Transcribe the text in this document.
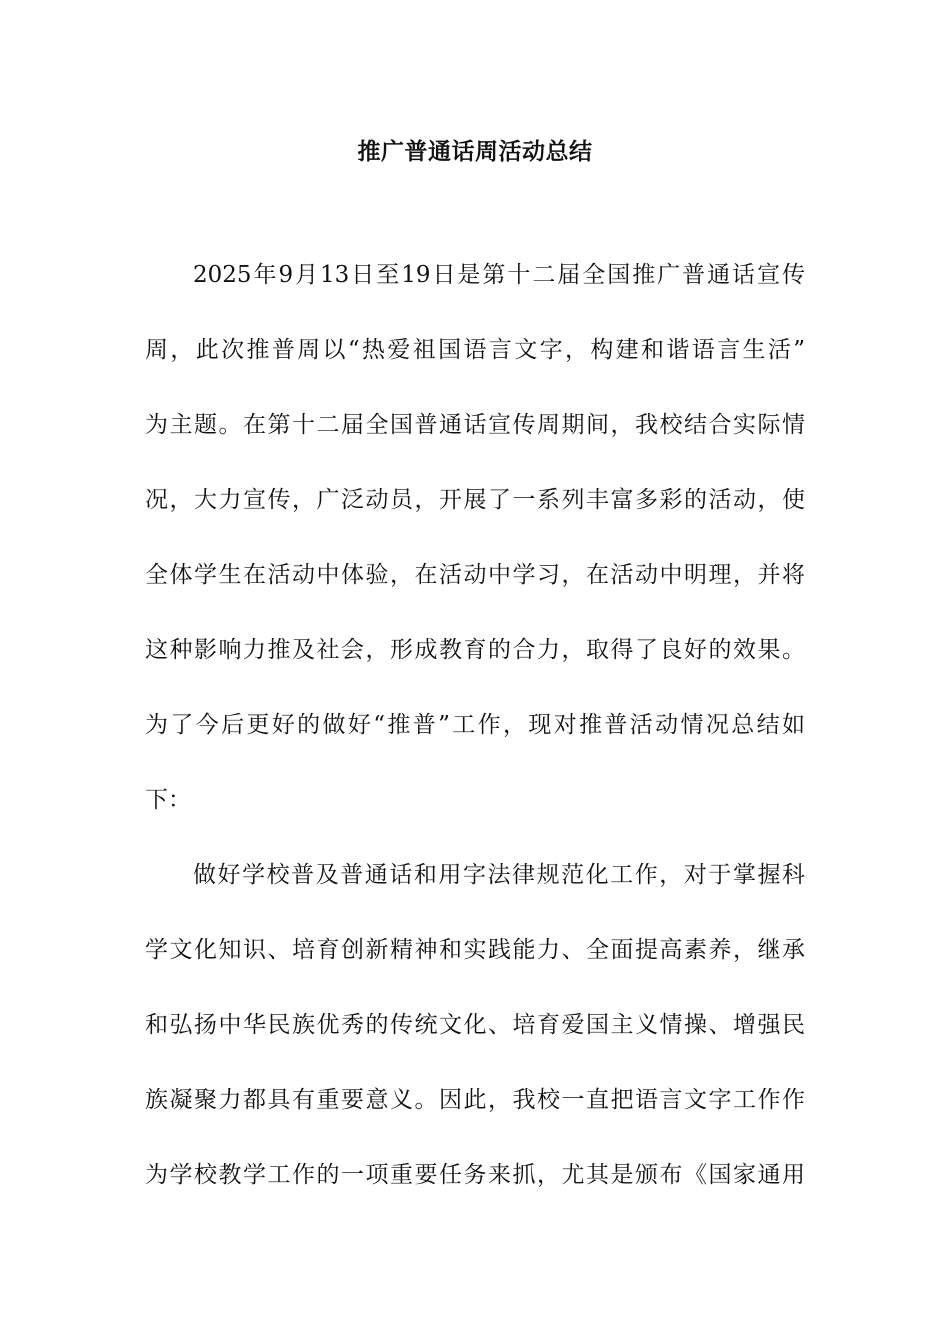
推广普通话周活动总结

2025年9月13日至19日是第十二届全国推广普通话宣传

周，此次推普周以“热爱祖国语言文字，构建和谐语言生活”

为主题。在第十二届全国普通话宣传周期间，我校结合实际情

况，大力宣传，广泛动员，开展了一系列丰富多彩的活动，使

全体学生在活动中体验，在活动中学习，在活动中明理，并将

这种影响力推及社会，形成教育的合力，取得了良好的效果。

为了今后更好的做好“推普”工作，现对推普活动情况总结如

下：

做好学校普及普通话和用字法律规范化工作，对于掌握科

学文化知识、培育创新精神和实践能力、全面提高素养，继承

和弘扬中华民族优秀的传统文化、培育爱国主义情操、增强民

族凝聚力都具有重要意义。因此，我校一直把语言文字工作作

为学校教学工作的一项重要任务来抓，尤其是颁布《国家通用
